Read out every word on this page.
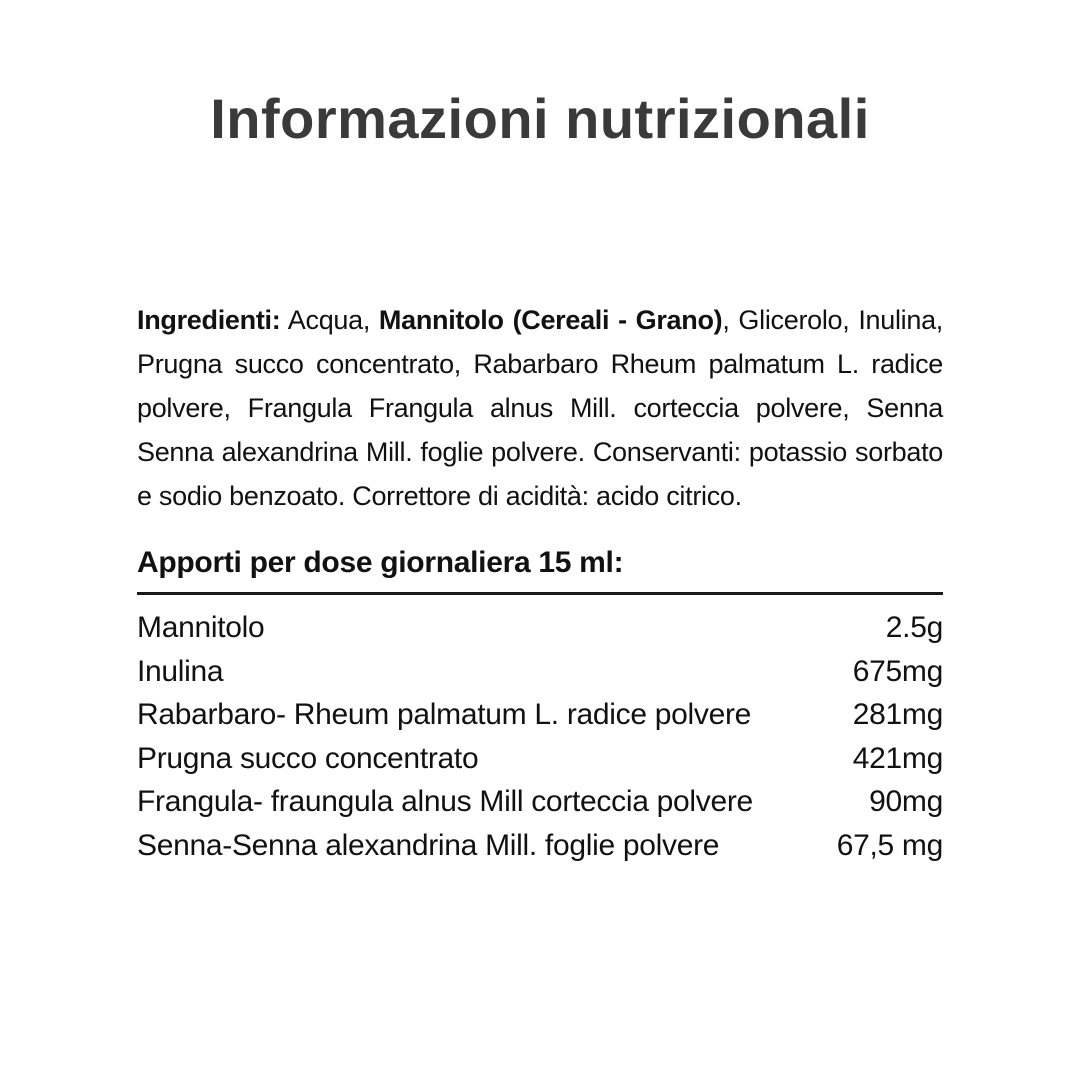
Informazioni nutrizionali

Ingredienti: Acqua, Mannitolo (Cereali - Grano), Glicerolo, Inulina, Prugna succo concentrato, Rabarbaro Rheum palmatum L. radice polvere, Frangula Frangula alnus Mill. corteccia polvere, Senna Senna alexandrina Mill. foglie polvere. Conservanti: potassio sorbato e sodio benzoato. Correttore di acidità: acido citrico.

Apporti per dose giornaliera 15 ml:
Mannitolo	2.5g
Inulina	675mg
Rabarbaro- Rheum palmatum L. radice polvere	281mg
Prugna succo concentrato	421mg
Frangula- fraungula alnus Mill corteccia polvere	90mg
Senna-Senna alexandrina Mill. foglie polvere	67,5 mg
